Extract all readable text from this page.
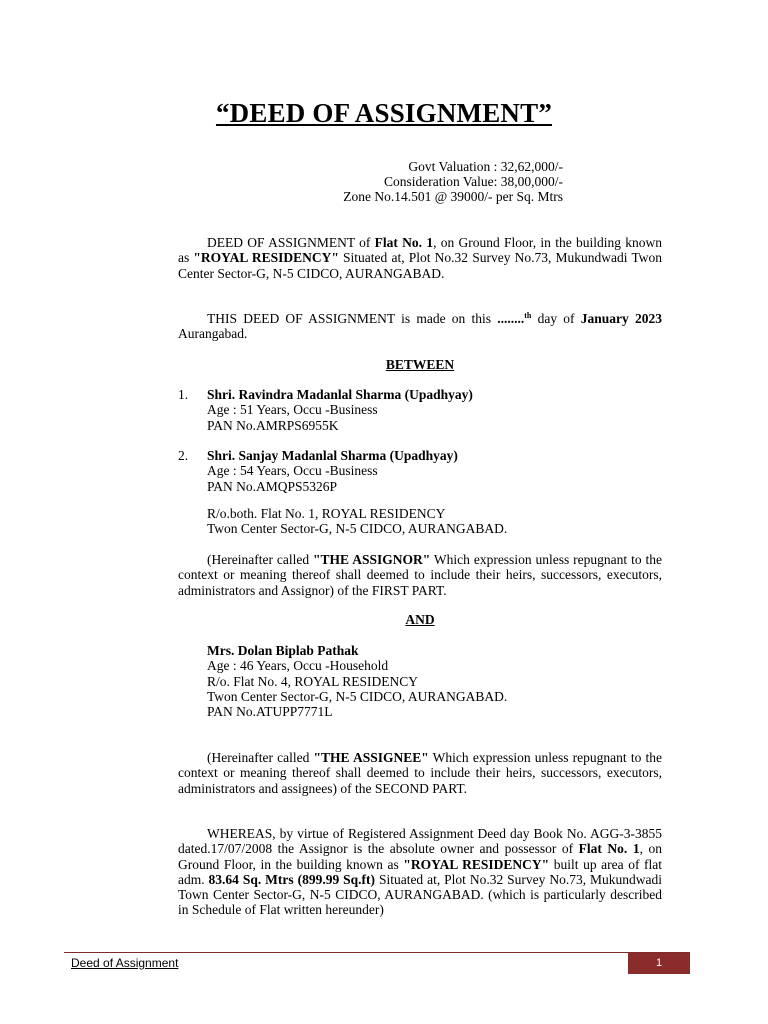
“DEED OF ASSIGNMENT”
Govt Valuation : 32,62,000/-
Consideration Value: 38,00,000/-
Zone No.14.501 @ 39000/- per Sq. Mtrs
DEED OF ASSIGNMENT of Flat No. 1, on Ground Floor, in the building known as "ROYAL RESIDENCY" Situated at, Plot No.32 Survey No.73, Mukundwadi Twon Center Sector-G, N-5 CIDCO, AURANGABAD.
THIS DEED OF ASSIGNMENT is made on this ........$^{th}$ day of January 2023 Aurangabad.
BETWEEN
1. Shri. Ravindra Madanlal Sharma (Upadhyay)
Age : 51 Years, Occu -Business
PAN No.AMRPS6955K
2. Shri. Sanjay Madanlal Sharma (Upadhyay)
Age : 54 Years, Occu -Business
PAN No.AMQPS5326P
R/o.both. Flat No. 1, ROYAL RESIDENCY
Twon Center Sector-G, N-5 CIDCO, AURANGABAD.
(Hereinafter called "THE ASSIGNOR" Which expression unless repugnant to the context or meaning thereof shall deemed to include their heirs, successors, executors, administrators and Assignor) of the FIRST PART.
AND
Mrs. Dolan Biplab Pathak
Age : 46 Years, Occu -Household
R/o. Flat No. 4, ROYAL RESIDENCY
Twon Center Sector-G, N-5 CIDCO, AURANGABAD.
PAN No.ATUPP7771L
(Hereinafter called "THE ASSIGNEE" Which expression unless repugnant to the context or meaning thereof shall deemed to include their heirs, successors, executors, administrators and assignees) of the SECOND PART.
WHEREAS, by virtue of Registered Assignment Deed day Book No. AGG-3-3855 dated.17/07/2008 the Assignor is the absolute owner and possessor of Flat No. 1, on Ground Floor, in the building known as "ROYAL RESIDENCY" built up area of flat adm. 83.64 Sq. Mtrs (899.99 Sq.ft) Situated at, Plot No.32 Survey No.73, Mukundwadi Town Center Sector-G, N-5 CIDCO, AURANGABAD. (which is particularly described in Schedule of Flat written hereunder)
Deed of Assignment	1
